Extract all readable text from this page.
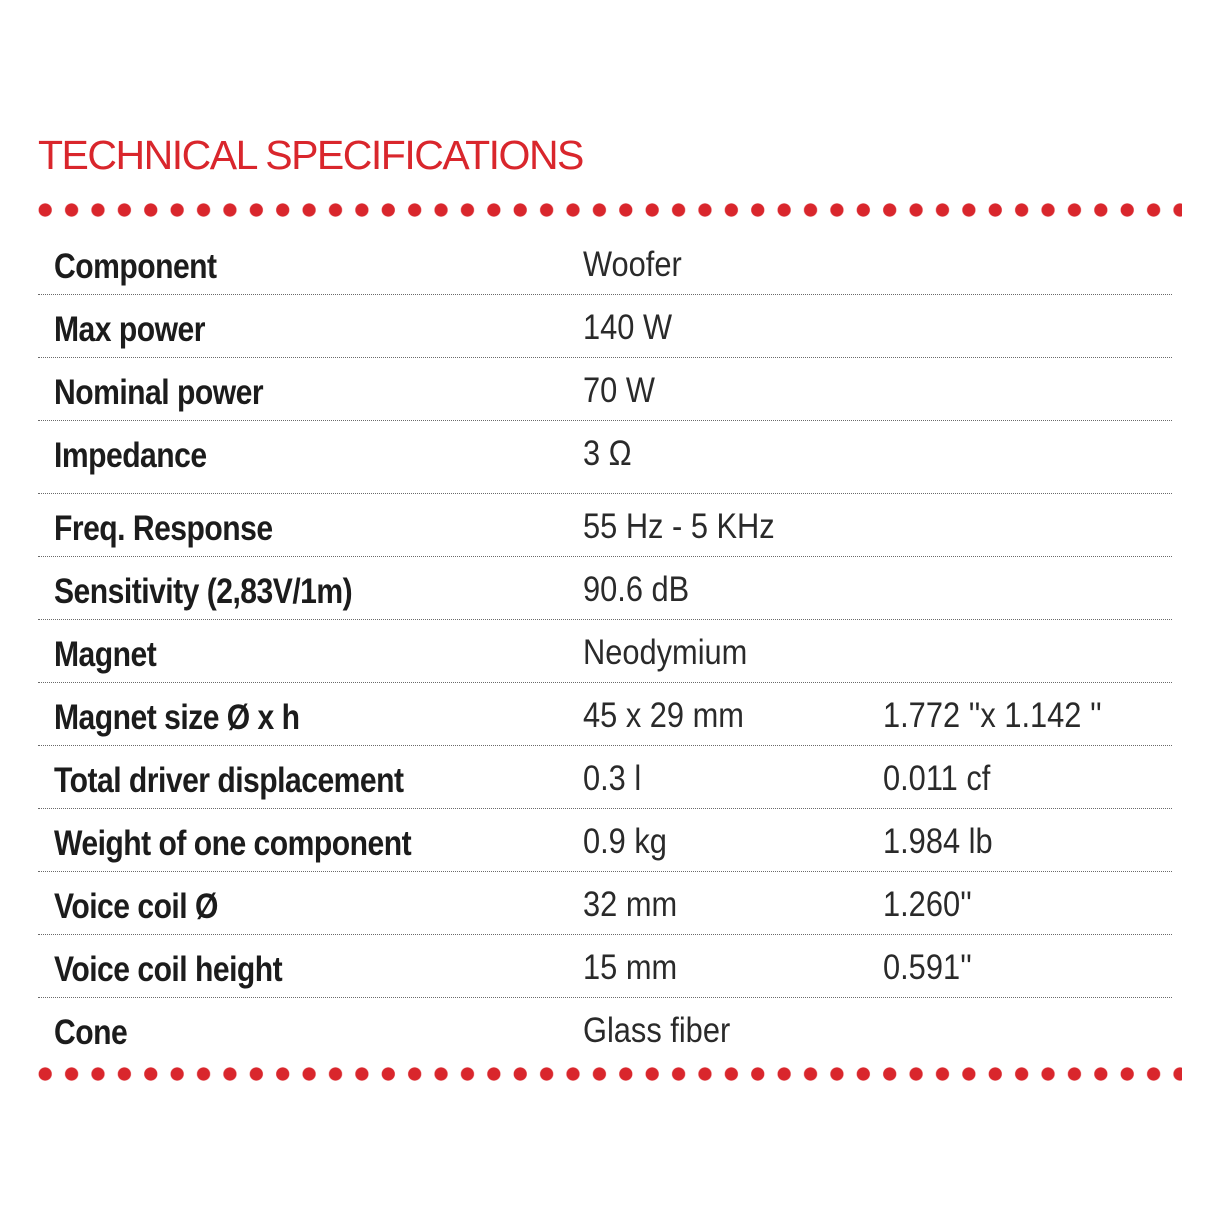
TECHNICAL SPECIFICATIONS
Component	Woofer
Max power	140 W
Nominal power	70 W
Impedance	3 Ω
Freq. Response	55 Hz - 5 KHz
Sensitivity (2,83V/1m)	90.6 dB
Magnet	Neodymium
Magnet size Ø x h	45 x 29 mm	1.772 ''x 1.142 ''
Total driver displacement	0.3 l	0.011 cf
Weight of one component	0.9 kg	1.984 lb
Voice coil Ø	32 mm	1.260''
Voice coil height	15 mm	0.591''
Cone	Glass fiber
